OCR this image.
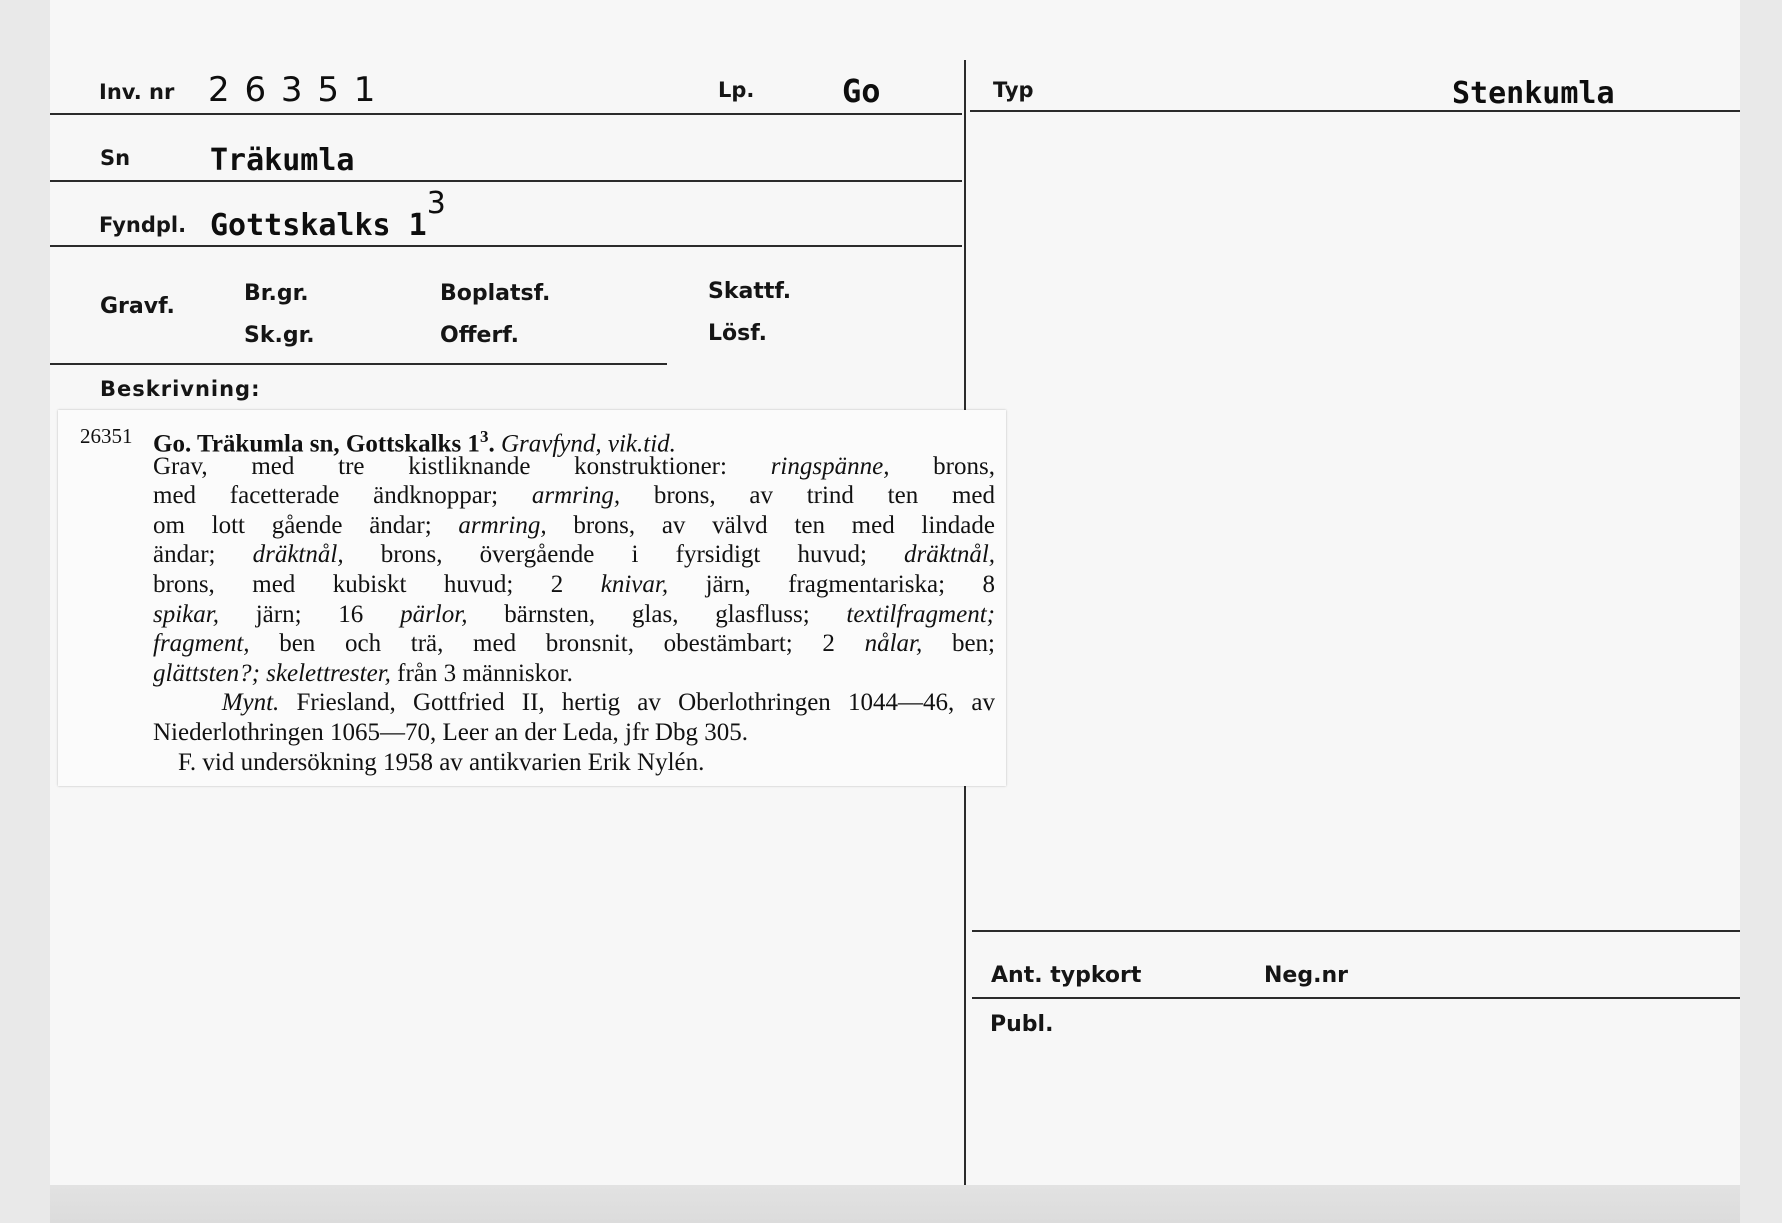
Inv. nr 2 6 3 5 1	Lp.	Go	Typ	Stenkumla
Sn	Träkumla
Fyndpl. Gottskalks 13
Gravf.
Br.gr.
Sk.gr.
Boplatsf.
Offerf.
Skattf.
Lösf.
Beskrivning:
Ant. typkort	Neg.nr
Publ.
26351 Go. Träkumla sn, Gottskalks $1^3$. Gravfynd, vik.tid.
Grav, med tre kistliknande konstruktioner: ringspänne, brons,
med facetterade ändknoppar; armring, brons, av trind ten med
om lott gående ändar; armring, brons, av välvd ten med lindade
ändar; dräktnål, brons, övergående i fyrsidigt huvud; dräktnål,
brons, med kubiskt huvud; 2 knivar, järn, fragmentariska; 8
spikar, järn; 16 pärlor, bärnsten, glas, glasfluss; textilfragment;
fragment, ben och trä, med bronsnit, obestämbart; 2 nålar, ben;
glättsten?; skelettrester, från 3 människor.
Mynt. Friesland, Gottfried II, hertig av Oberlothringen 1044—46, av
Niederlothringen 1065—70, Leer an der Leda, jfr Dbg 305.
F. vid undersökning 1958 av antikvarien Erik Nylén.
